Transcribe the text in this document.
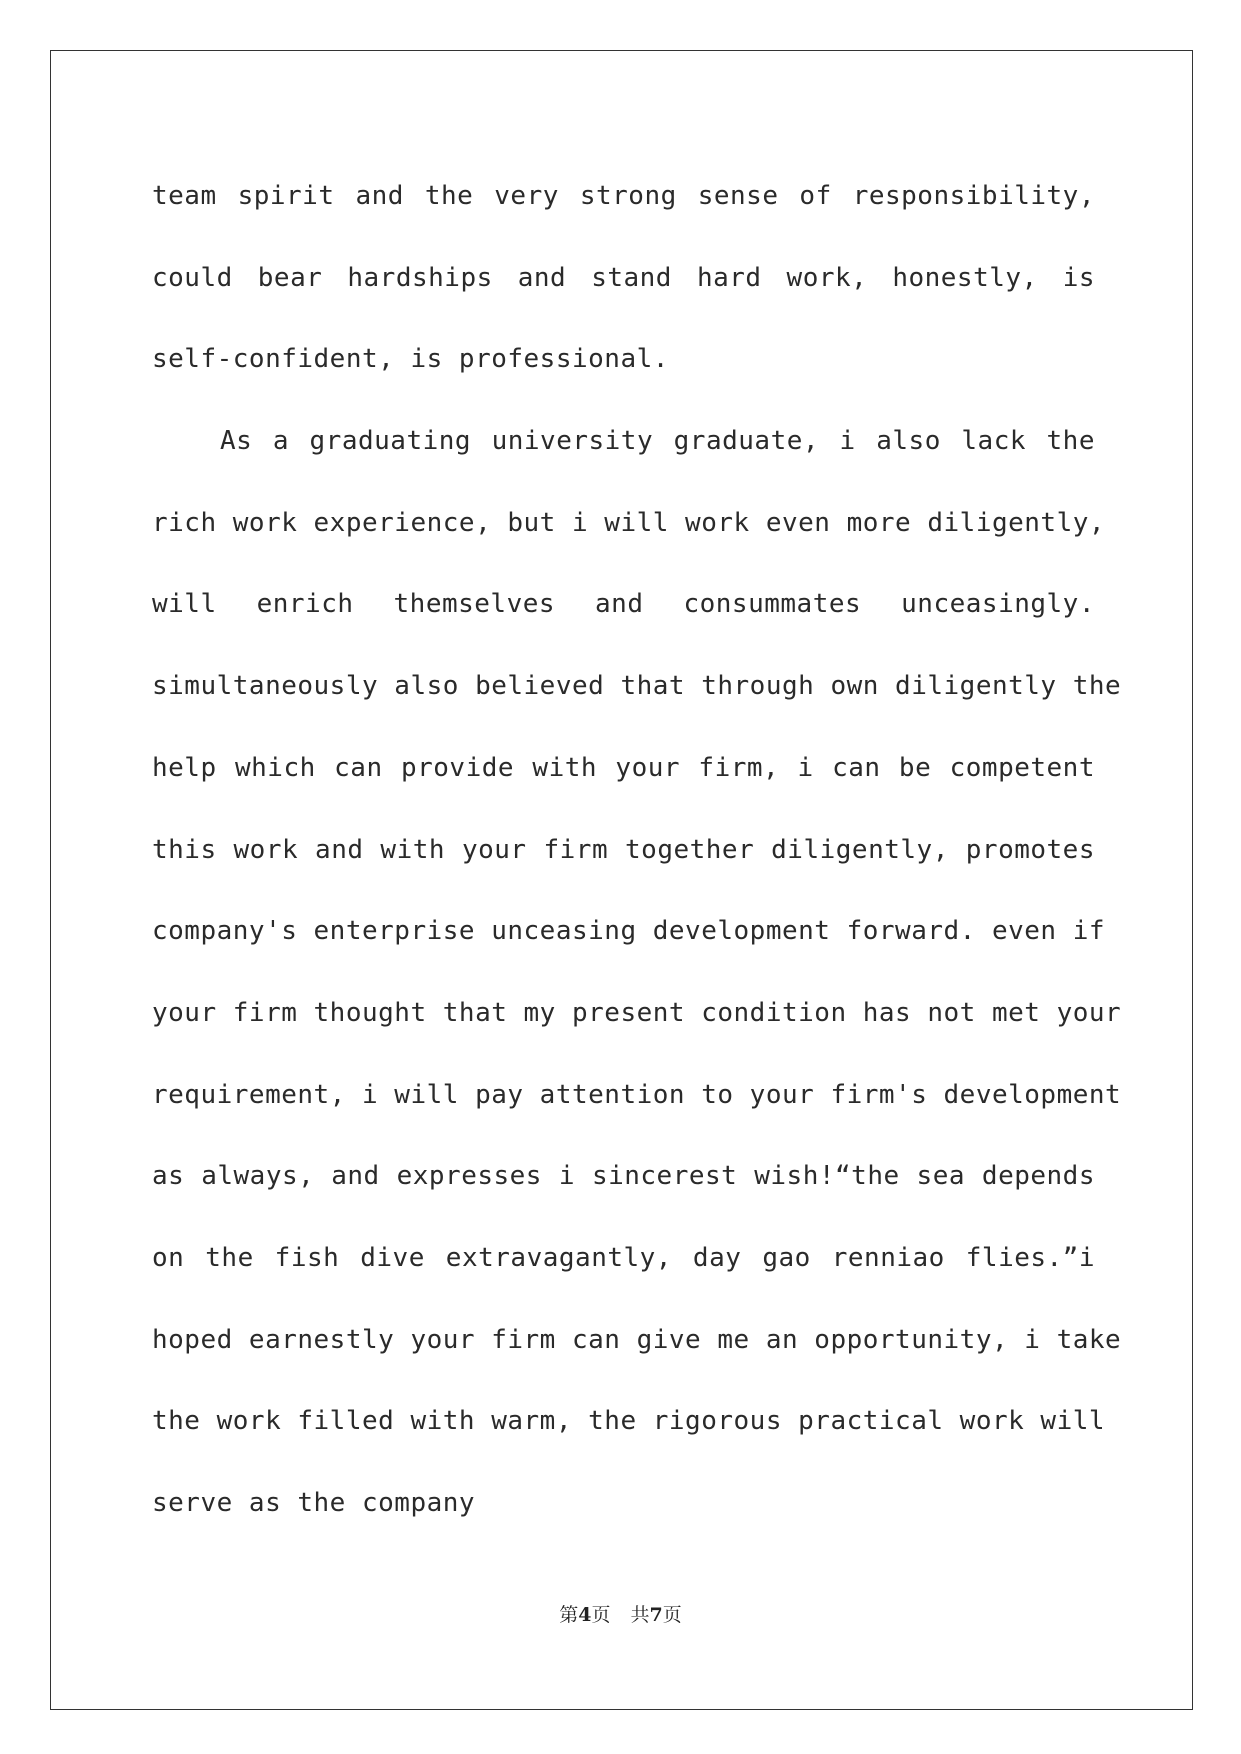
team spirit and the very strong sense of responsibility,
could bear hardships and stand hard work, honestly, is
self-confident, is professional.
As a graduating university graduate, i also lack the
rich work experience, but i will work even more diligently,
will enrich themselves and consummates unceasingly.
simultaneously also believed that through own diligently the
help which can provide with your firm, i can be competent
this work and with your firm together diligently, promotes
company's enterprise unceasing development forward. even if
your firm thought that my present condition has not met your
requirement, i will pay attention to your firm's development
as always, and expresses i sincerest wish!“the sea depends
on the fish dive extravagantly, day gao renniao flies.”i
hoped earnestly your firm can give me an opportunity, i take
the work filled with warm, the rigorous practical work will
serve as the company
第4页 共7页
